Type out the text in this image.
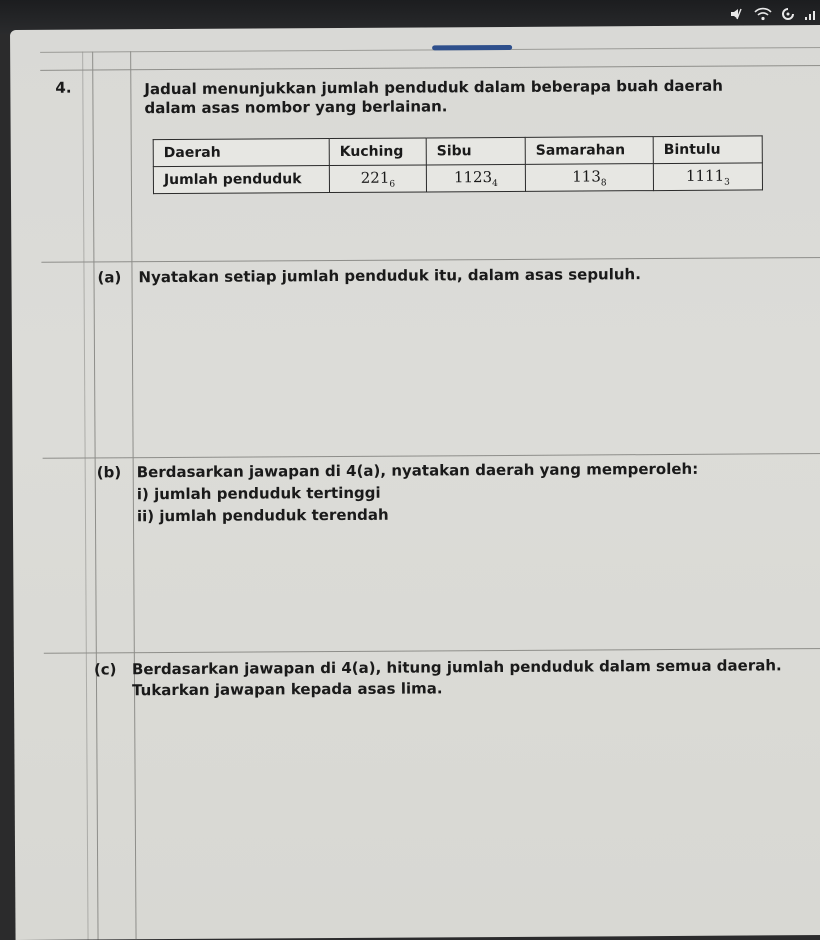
4.	Jadual menunjukkan jumlah penduduk dalam beberapa buah daerah
dalam asas nombor yang berlainan.
Daerah	Kuching	Sibu	Samarahan	Bintulu
Jumlah penduduk	$221_6$	$1123_4$	$113_8$	$1111_3$
(a) Nyatakan setiap jumlah penduduk itu, dalam asas sepuluh.
(b) Berdasarkan jawapan di 4(a), nyatakan daerah yang memperoleh:
i) jumlah penduduk tertinggi
ii) jumlah penduduk terendah
(c) Berdasarkan jawapan di 4(a), hitung jumlah penduduk dalam semua daerah.
Tukarkan jawapan kepada asas lima.
